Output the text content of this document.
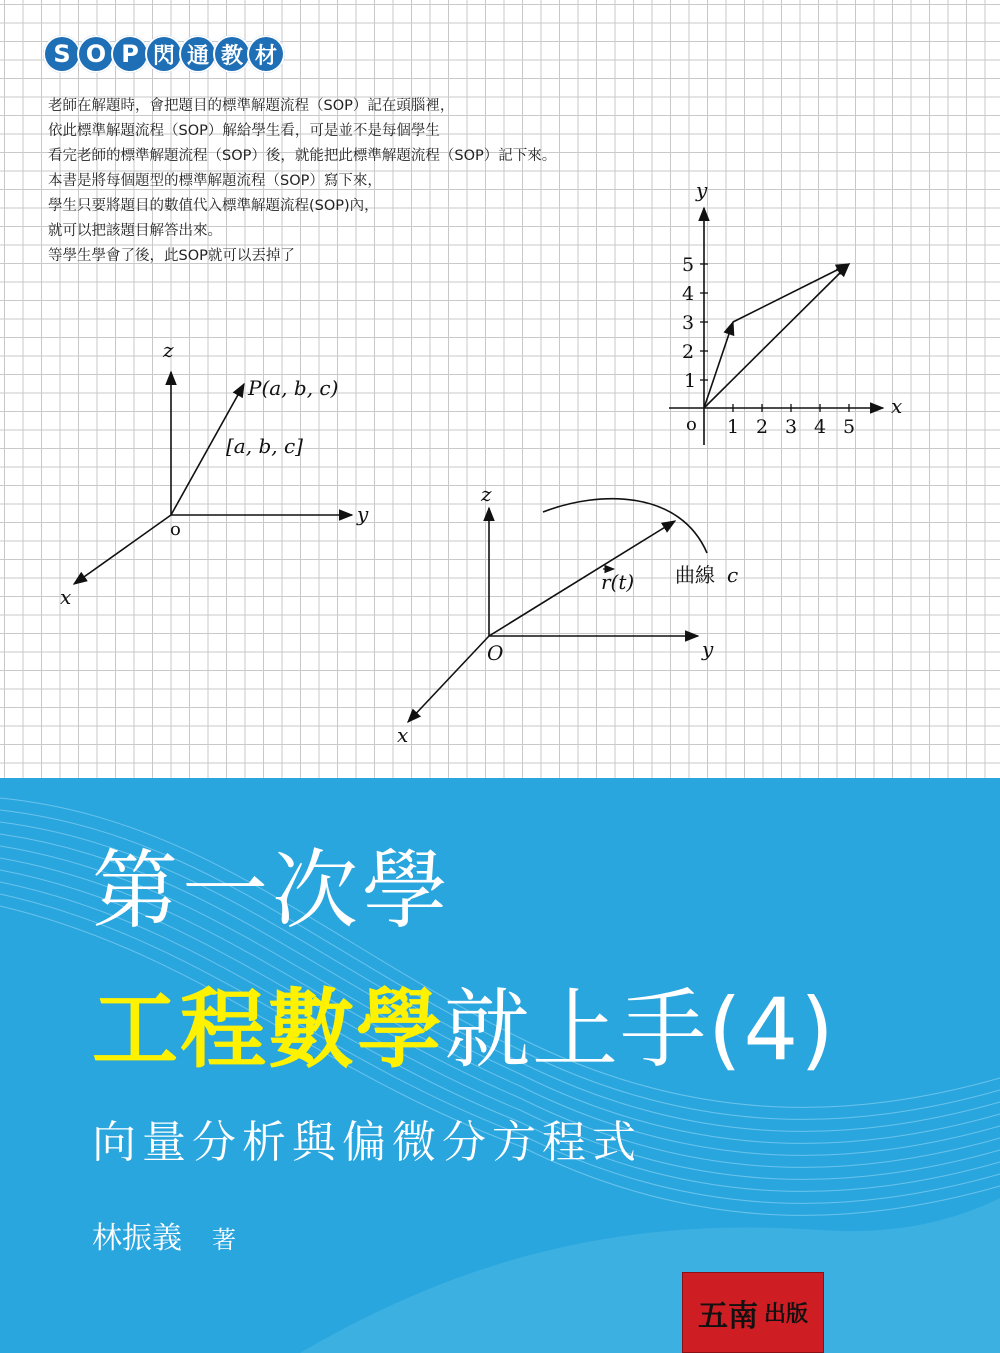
S O P 閃 通 教 材
老師在解題時，會把題目的標準解題流程（SOP）記在頭腦裡，
依此標準解題流程（SOP）解給學生看，可是並不是每個學生
看完老師的標準解題流程（SOP）後，就能把此標準解題流程（SOP）記下來。
本書是將每個題型的標準解題流程（SOP）寫下來，
學生只要將題目的數值代入標準解題流程(SOP)內，
就可以把該題目解答出來。
等學生學會了後，此SOP就可以丟掉了
z
y
x
o
P(a, b, c)
[a, b, c]
y
x
o
1
2
3
4
5
1 2 3 4 5
z
y
x
O
r(t) 曲線 c
第一次學
工程數學就上手(4)
向量分析與偏微分方程式
林振義 著
五南 出版
